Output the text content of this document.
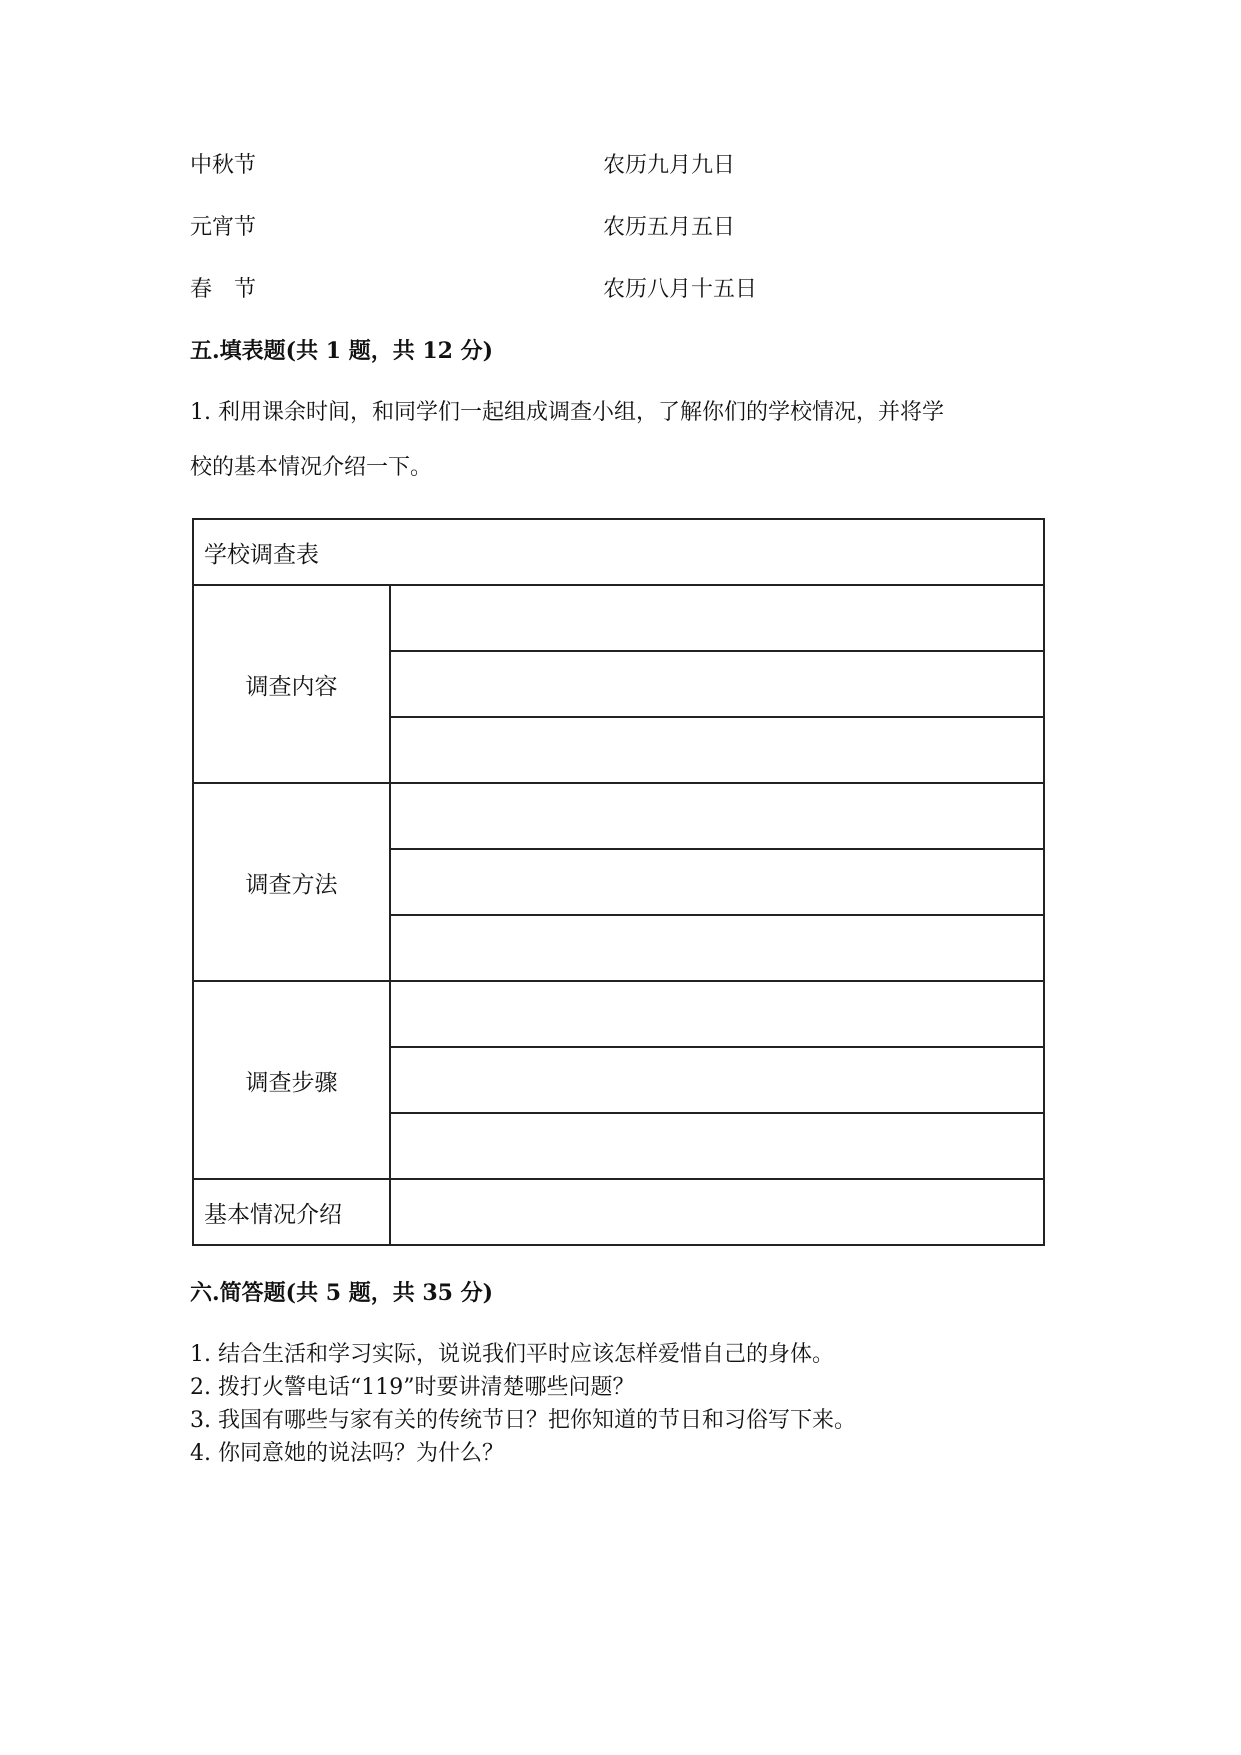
中秋节	农历九月九日
元宵节	农历五月五日
春　节	农历八月十五日
五.填表题(共 1 题，共 12 分)
1. 利用课余时间，和同学们一起组成调查小组，了解你们的学校情况，并将学
校的基本情况介绍一下。
学校调查表	
调查内容	

调查方法	

调查步骤	

基本情况介绍	
六.简答题(共 5 题，共 35 分)
1. 结合生活和学习实际，说说我们平时应该怎样爱惜自己的身体。
2. 拨打火警电话“119”时要讲清楚哪些问题？
3. 我国有哪些与家有关的传统节日？把你知道的节日和习俗写下来。
4. 你同意她的说法吗？为什么？
